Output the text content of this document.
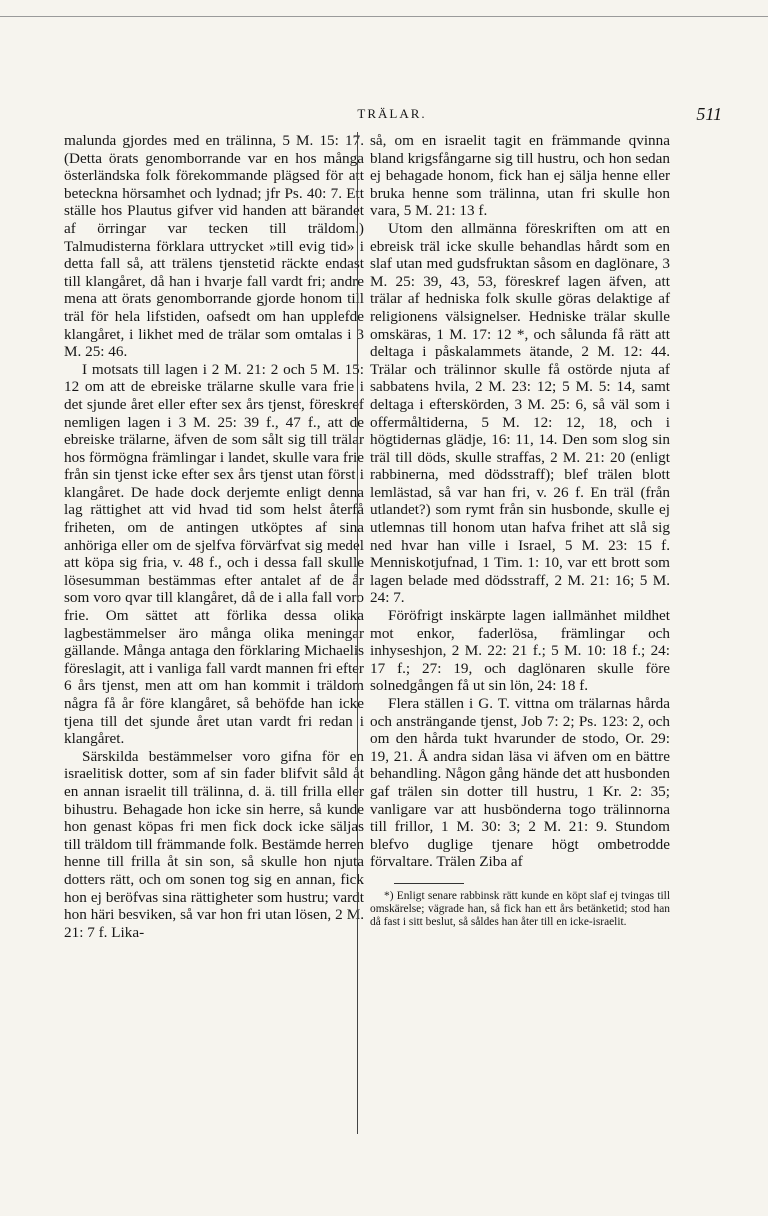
TRÄLAR.	511

malunda gjordes med en trälinna, 5 M. 15: 17. (Detta örats genomborrande var en hos många österländska folk förekommande plägsed för att beteckna hörsamhet och lydnad; jfr Ps. 40: 7. Ett ställe hos Plautus gifver vid handen att bärandet af örringar var tecken till träldom.) Talmudisterna förklara uttrycket »till evig tid» i detta fall så, att trälens tjenstetid räckte endast till klangåret, då han i hvarje fall vardt fri; andre mena att örats genomborrande gjorde honom till träl för hela lifstiden, oafsedt om han upplefde klangåret, i likhet med de trälar som omtalas i 3 M. 25: 46.

I motsats till lagen i 2 M. 21: 2 och 5 M. 15: 12 om att de ebreiske trälarne skulle vara frie i det sjunde året eller efter sex års tjenst, föreskref nemligen lagen i 3 M. 25: 39 f., 47 f., att de ebreiske trälarne, äfven de som sålt sig till trälar hos förmögna främlingar i landet, skulle vara frie från sin tjenst icke efter sex års tjenst utan först i klangåret. De hade dock derjemte enligt denna lag rättighet att vid hvad tid som helst återfå friheten, om de antingen utköptes af sina anhöriga eller om de sjelfva förvärfvat sig medel att köpa sig fria, v. 48 f., och i dessa fall skulle lösesumman bestämmas efter antalet af de år som voro qvar till klangåret, då de i alla fall voro frie. Om sättet att förlika dessa olika lagbestämmelser äro många olika meningar gällande. Många antaga den förklaring Michaelis föreslagit, att i vanliga fall vardt mannen fri efter 6 års tjenst, men att om han kommit i träldom några få år före klangåret, så behöfde han icke tjena till det sjunde året utan vardt fri redan i klangåret.

Särskilda bestämmelser voro gifna för en israelitisk dotter, som af sin fader blifvit såld åt en annan israelit till trälinna, d. ä. till frilla eller bihustru. Behagade hon icke sin herre, så kunde hon genast köpas fri men fick dock icke säljas till träldom till främmande folk. Bestämde herren henne till frilla åt sin son, så skulle hon njuta dotters rätt, och om sonen tog sig en annan, fick hon ej beröfvas sina rättigheter som hustru; vardt hon häri besviken, så var hon fri utan lösen, 2 M. 21: 7 f. Lika-

så, om en israelit tagit en främmande qvinna bland krigsfångarne sig till hustru, och hon sedan ej behagade honom, fick han ej sälja henne eller bruka henne som trälinna, utan fri skulle hon vara, 5 M. 21: 13 f.

Utom den allmänna föreskriften om att en ebreisk träl icke skulle behandlas hårdt som en slaf utan med gudsfruktan såsom en daglönare, 3 M. 25: 39, 43, 53, föreskref lagen äfven, att trälar af hedniska folk skulle göras delaktige af religionens välsignelser. Hedniske trälar skulle omskäras, 1 M. 17: 12 *, och sålunda få rätt att deltaga i påskalammets ätande, 2 M. 12: 44. Trälar och trälinnor skulle få ostörde njuta af sabbatens hvila, 2 M. 23: 12; 5 M. 5: 14, samt deltaga i efterskörden, 3 M. 25: 6, så väl som i offermåltiderna, 5 M. 12: 12, 18, och i högtidernas glädje, 16: 11, 14. Den som slog sin träl till döds, skulle straffas, 2 M. 21: 20 (enligt rabbinerna, med dödsstraff); blef trälen blott lemlästad, så var han fri, v. 26 f. En träl (från utlandet?) som rymt från sin husbonde, skulle ej utlemnas till honom utan hafva frihet att slå sig ned hvar han ville i Israel, 5 M. 23: 15 f. Menniskotjufnad, 1 Tim. 1: 10, var ett brott som lagen belade med dödsstraff, 2 M. 21: 16; 5 M. 24: 7.

Föröfrigt inskärpte lagen iallmänhet mildhet mot enkor, faderlösa, främlingar och inhyseshjon, 2 M. 22: 21 f.; 5 M. 10: 18 f.; 24: 17 f.; 27: 19, och daglönaren skulle före solnedgången få ut sin lön, 24: 18 f.

Flera ställen i G. T. vittna om trälarnas hårda och ansträngande tjenst, Job 7: 2; Ps. 123: 2, och om den hårda tukt hvarunder de stodo, Or. 29: 19, 21. Å andra sidan läsa vi äfven om en bättre behandling. Någon gång hände det att husbonden gaf trälen sin dotter till hustru, 1 Kr. 2: 35; vanligare var att husbönderna togo trälinnorna till frillor, 1 M. 30: 3; 2 M. 21: 9. Stundom blefvo duglige tjenare högt ombetrodde förvaltare. Trälen Ziba af

*) Enligt senare rabbinsk rätt kunde en köpt slaf ej tvingas till omskärelse; vägrade han, så fick han ett års betänketid; stod han då fast i sitt beslut, så såldes han åter till en icke-israelit.
